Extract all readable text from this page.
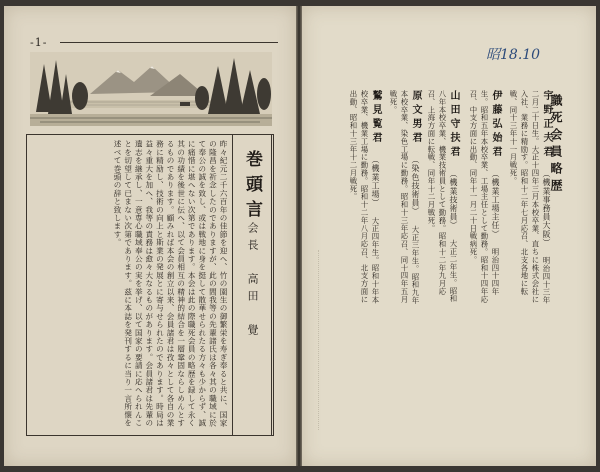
-1-
巻頭言
会長　高田　覺
昨々紀元二千六百年の佳節を迎へ、竹の園生の御繁栄を寿ぎ奉ると共に、国家の隆昌を祈念したのでありますが、此の間我等の先輩諸氏は各々其の職域に於て奉公の誠を致し、或は戦地に身を挺して散華せられたる方々も少からず、誠に痛惜に堪へない次第であります。本会は此の際職死会員の略歴を録して永く其の功績を後世に伝へ、以て会員相互の精神的結合を一層鞏固ならしめんとするものであります。顧みれば本会の創立以来、会員諸君は孜々として各自の業務に精励し、技術の向上と斯業の発展とに寄与せられたのであります。時局は益々重大を加へ、我等の責務は愈々大なるものがあります。会員諸君は先輩の遺志を継承し、一意専心職域奉公の実を挙げ、以て国家の要請に応へられんことを切望して已まない次第であります。茲に本誌を発刊するに当り一言所懐を述べて巻頭の辞と致します。
昭18.10
職死会員略歴
宇野正夫君 （機業事務員大阪） 明治四十三年二月二十日生。大正十四年三月本校卒業、直ちに株式会社に入社、業務に精励す。昭和十二年七月応召、北支各地に転戦、同十三年十一月戦死。
伊藤弘始君 （機業工場主任） 明治四十四年生。昭和五年本校卒業、工場主任として勤務。昭和十四年応召、中支方面に出動、同年十一月二十日戦病死。
山田守扶君 （機業技術員） 大正二年生。昭和八年本校卒業、機業技術員として勤務。昭和十二年九月応召、上海方面に転戦、同年十二月戦死。
原文男君 （染色技術員） 大正三年生。昭和九年本校卒業、染色工場に勤務。昭和十三年応召、同十四年五月戦死。
鷲見覧君 （機業工場） 大正四年生。昭和十年本校卒業、機業工場に勤務。昭和十二年八月応召、北支方面に出動、昭和十三年十二月戦死。
